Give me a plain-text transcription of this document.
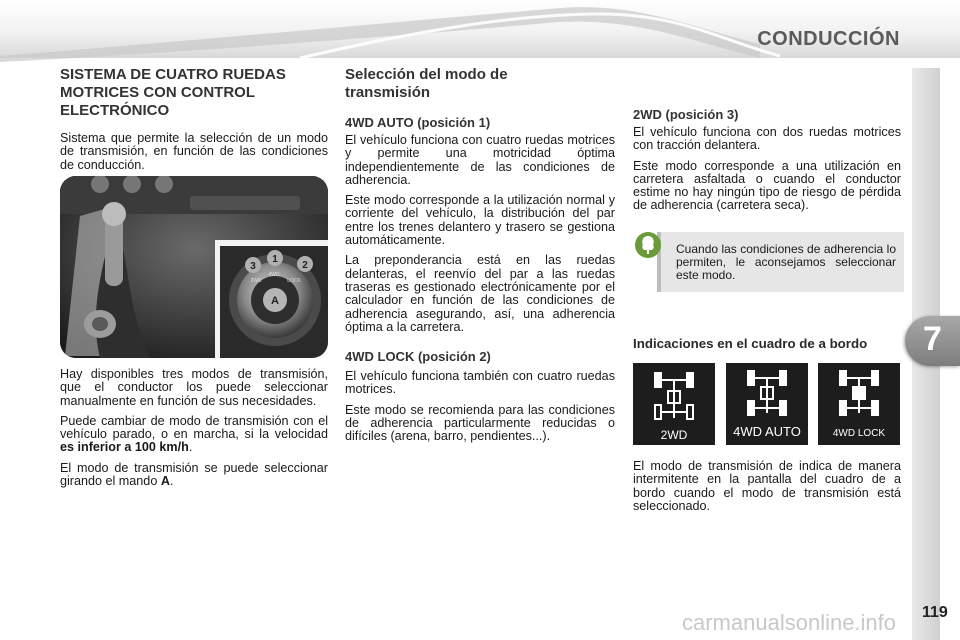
CONDUCCIÓN
7
SISTEMA DE CUATRO RUEDAS MOTRICES CON CONTROL ELECTRÓNICO

Sistema que permite la selección de un modo de transmisión, en función de las condiciones de conducción.

3
1
2
2WD
4WD
LOCK
A

Hay disponibles tres modos de transmisión, que el conductor los puede seleccionar manualmente en función de sus necesidades.

Puede cambiar de modo de transmisión con el vehículo parado, o en marcha, si la velocidad es inferior a 100 km/h.

El modo de transmisión se puede seleccionar girando el mando A.

Selección del modo de transmisión
4WD AUTO (posición 1)

El vehículo funciona con cuatro ruedas motrices y permite una motricidad óptima independientemente de las condiciones de adherencia.

Este modo corresponde a la utilización normal y corriente del vehículo, la distribución del par entre los trenes delantero y trasero se gestiona automáticamente.

La preponderancia está en las ruedas delanteras, el reenvío del par a las ruedas traseras es gestionado electrónicamente por el calculador en función de las condiciones de adherencia asegurando, así, una adherencia óptima a la carretera.

4WD LOCK (posición 2)

El vehículo funciona también con cuatro ruedas motrices.

Este modo se recomienda para las condiciones de adherencia particularmente reducidas o difíciles (arena, barro, pendientes...).

2WD (posición 3)

El vehículo funciona con dos ruedas motrices con tracción delantera.

Este modo corresponde a una utilización en carretera asfaltada o cuando el conductor estime no hay ningún tipo de riesgo de pérdida de adherencia (carretera seca).

Cuando las condiciones de adherencia lo permiten, le aconsejamos seleccionar este modo.
Indicaciones en el cuadro de a bordo
2WD	4WD AUTO	4WD LOCK

El modo de transmisión de indica de manera intermitente en la pantalla del cuadro de a bordo cuando el modo de transmisión está seleccionado.

carmanualsonline.info 119
